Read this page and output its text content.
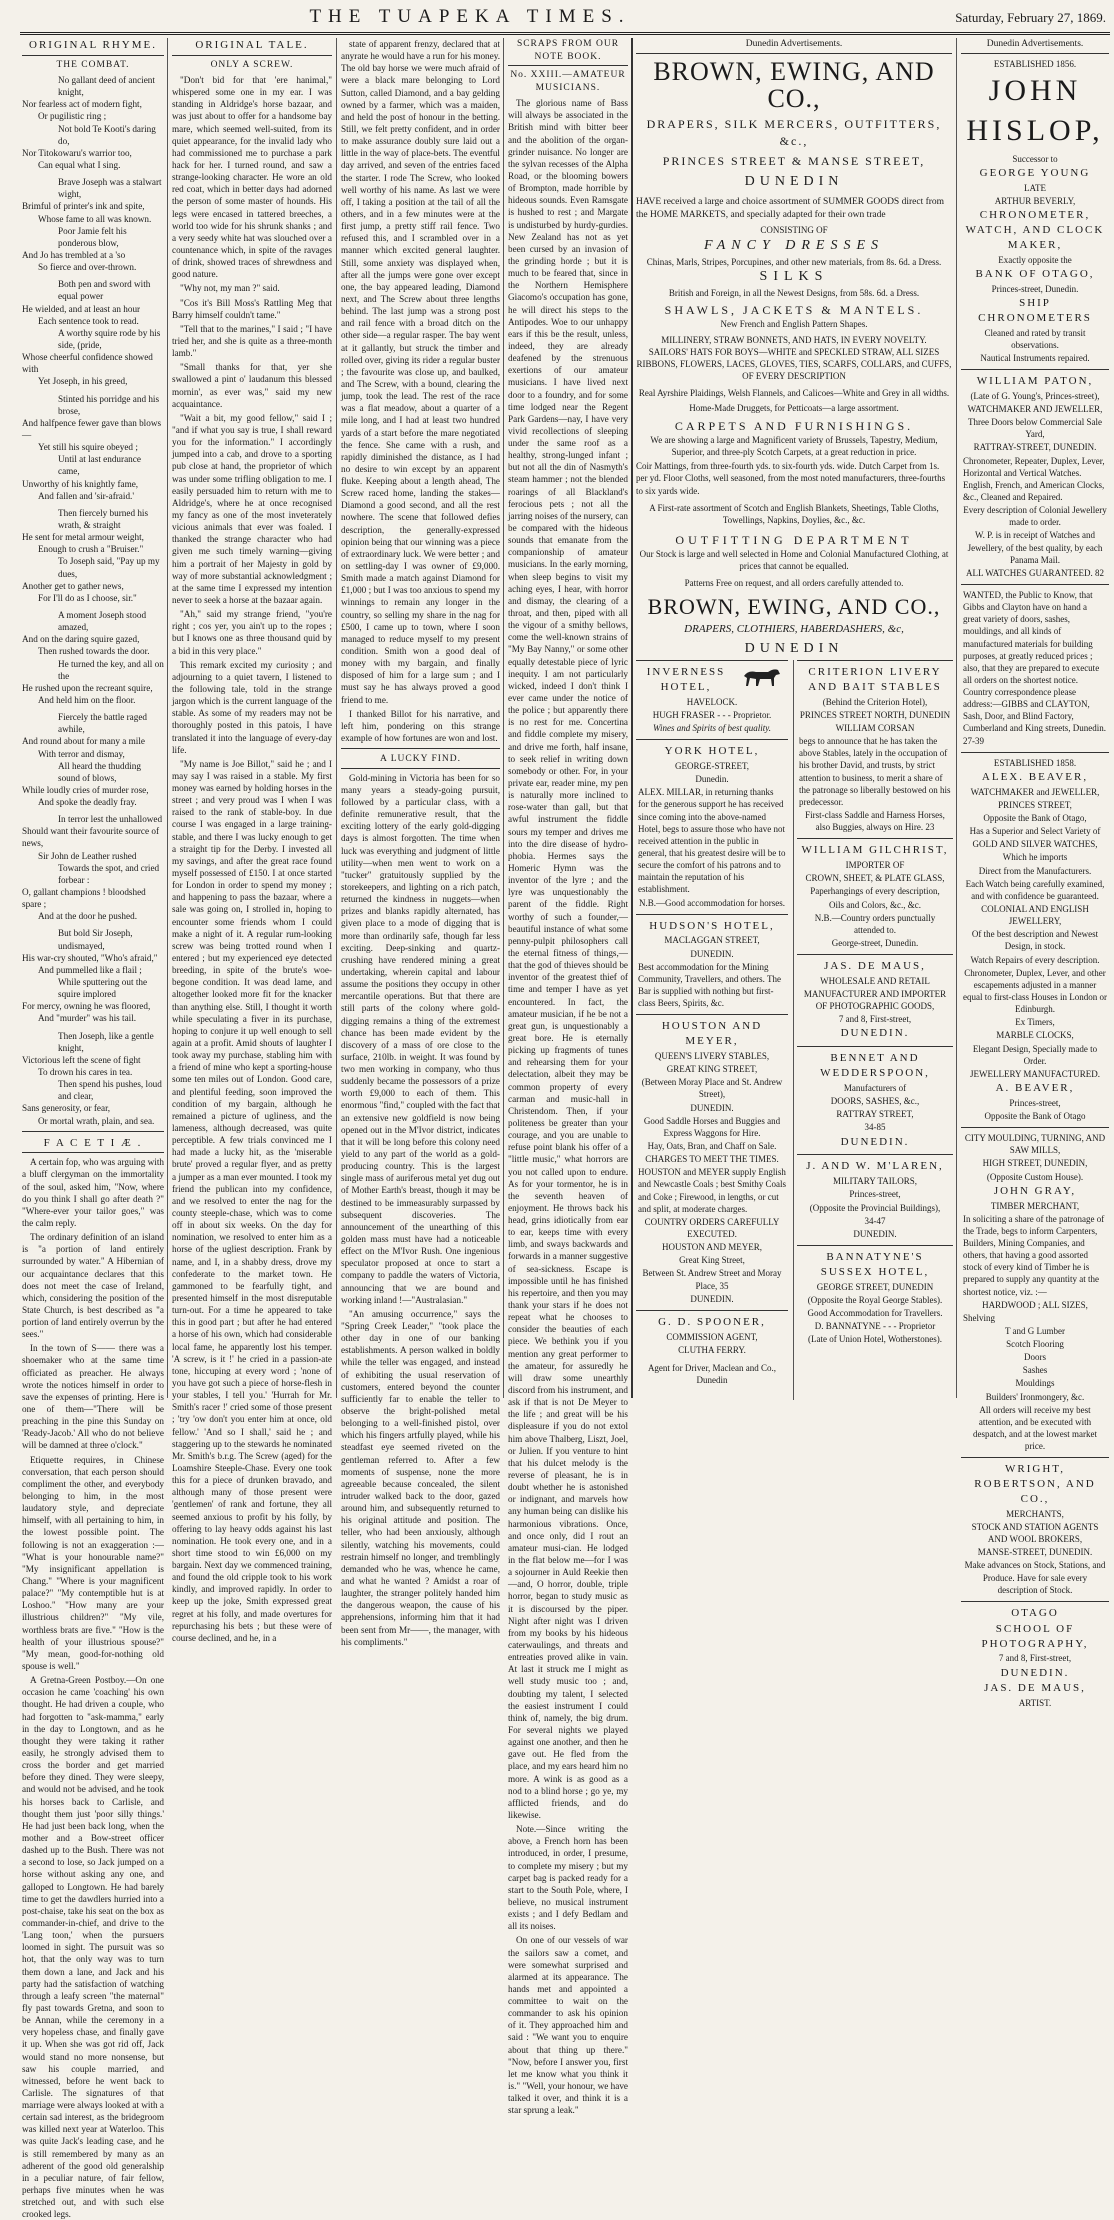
THE TUAPEKA TIMES.	Saturday, February 27, 1869.
ORIGINAL RHYME.
THE COMBAT.

No gallant deed of ancient knight,

Nor fearless act of modern fight,

Or pugilistic ring ;

Not bold Te Kooti's daring do,

Nor Titokowaru's warrior too,

Can equal what I sing.

Brave Joseph was a stalwart wight,

Brimful of printer's ink and spite,

Whose fame to all was known.

Poor Jamie felt his ponderous blow,

And Jo has trembled at a 'so

So fierce and over-thrown.

Both pen and sword with equal power

He wielded, and at least an hour

Each sentence took to read.

A worthy squire rode by his side, (pride,

Whose cheerful confidence showed with

Yet Joseph, in his greed,

Stinted his porridge and his brose,

And halfpence fewer gave than blows—

Yet still his squire obeyed ;

Until at last endurance came,

Unworthy of his knightly fame,

And fallen and 'sir-afraid.'

Then fiercely burned his wrath, & straight

He sent for metal armour weight,

Enough to crush a "Bruiser."

To Joseph said, "Pay up my dues,

Another get to gather news,

For I'll do as I choose, sir."

A moment Joseph stood amazed,

And on the daring squire gazed,

Then rushed towards the door.

He turned the key, and all on the

He rushed upon the recreant squire,

And held him on the floor.

Fiercely the battle raged awhile,

And round about for many a mile

With terror and dismay,

All heard the thudding sound of blows,

While loudly cries of murder rose,

And spoke the deadly fray.

In terror lest the unhallowed

Should want their favourite source of news,

Sir John de Leather rushed

Towards the spot, and cried forbear :

O, gallant champions ! bloodshed spare ;

And at the door he pushed.

But bold Sir Joseph, undismayed,

His war-cry shouted, "Who's afraid,"

And pummelled like a flail ;

While sputtering out the squire implored

For mercy, owning he was floored,

And "murder" was his tail.

Then Joseph, like a gentle knight,

Victorious left the scene of fight

To drown his cares in tea.

Then spend his pushes, loud and clear,

Sans generosity, or fear,

Or mortal wrath, plain, and sea.

F A C E T I Æ .

A certain fop, who was arguing with a bluff clergyman on the immortality of the soul, asked him, "Now, where do you think I shall go after death ?" "Where-ever your tailor goes," was the calm reply.

The ordinary definition of an island is "a portion of land entirely surrounded by water." A Hibernian of our acquaintance declares that this does not meet the case of Ireland, which, considering the position of the State Church, is best described as "a portion of land entirely overrun by the sees."

In the town of S—— there was a shoemaker who at the same time officiated as preacher. He always wrote the notices himself in order to save the expenses of printing. Here is one of them—"There will be preaching in the pine this Sunday on 'Ready-Jacob.' All who do not believe will be damned at three o'clock."

Etiquette requires, in Chinese conversation, that each person should compliment the other, and everybody belonging to him, in the most laudatory style, and depreciate himself, with all pertaining to him, in the lowest possible point. The following is not an exaggeration :— "What is your honourable name?" "My insignificant appellation is Chang." "Where is your magnificent palace?" "My contemptible hut is at Loshoo." "How many are your illustrious children?" "My vile, worthless brats are five." "How is the health of your illustrious spouse?" "My mean, good-for-nothing old spouse is well."

A Gretna-Green Postboy.—On one occasion he came 'coaching' his own thought. He had driven a couple, who had forgotten to "ask-mamma," early in the day to Longtown, and as he thought they were taking it rather easily, he strongly advised them to cross the border and get married before they dined. They were sleepy, and would not be advised, and he took his horses back to Carlisle, and thought them just 'poor silly things.' He had just been back long, when the mother and a Bow-street officer dashed up to the Bush. There was not a second to lose, so Jack jumped on a horse without asking any one, and galloped to Longtown. He had barely time to get the dawdlers hurried into a post-chaise, take his seat on the box as commander-in-chief, and drive to the 'Lang toon,' when the pursuers loomed in sight. The pursuit was so hot, that the only way was to turn them down a lane, and Jack and his party had the satisfaction of watching through a leafy screen "the maternal" fly past towards Gretna, and soon to be Annan, while the ceremony in a very hopeless chase, and finally gave it up. When she was got rid off, Jack would stand no more nonsense, but saw his couple married, and witnessed, before he went back to Carlisle. The signatures of that marriage were always looked at with a certain sad interest, as the bridegroom was killed next year at Waterloo. This was quite Jack's leading case, and he is still remembered by many as an adherent of the good old generalship in a peculiar nature, of fair fellow, perhaps five minutes when he was stretched out, and with such else crooked legs.

ORIGINAL TALE.
ONLY A SCREW.

"Don't bid for that 'ere hanimal," whispered some one in my ear. I was standing in Aldridge's horse bazaar, and was just about to offer for a handsome bay mare, which seemed well-suited, from its quiet appearance, for the invalid lady who had commissioned me to purchase a park hack for her. I turned round, and saw a strange-looking character. He wore an old red coat, which in better days had adorned the person of some master of hounds. His legs were encased in tattered breeches, a world too wide for his shrunk shanks ; and a very seedy white hat was slouched over a countenance which, in spite of the ravages of drink, showed traces of shrewdness and good nature.

"Why not, my man ?" said.

"Cos it's Bill Moss's Rattling Meg that Barry himself couldn't tame."

"Tell that to the marines," I said ; "I have tried her, and she is quite as a three-month lamb."

"Small thanks for that, yer she swallowed a pint o' laudanum this blessed mornin', as ever was," said my new acquaintance.

"Wait a bit, my good fellow," said I ; "and if what you say is true, I shall reward you for the information." I accordingly jumped into a cab, and drove to a sporting pub close at hand, the proprietor of which was under some trifling obligation to me. I easily persuaded him to return with me to Aldridge's, where he at once recognised my fancy as one of the most inveterately vicious animals that ever was foaled. I thanked the strange character who had given me such timely warning—giving him a portrait of her Majesty in gold by way of more substantial acknowledgment ; at the same time I expressed my intention never to seek a horse at the bazaar again.

"Ah," said my strange friend, "you're right ; cos yer, you ain't up to the ropes ; but I knows one as three thousand quid by a bid in this very place."

This remark excited my curiosity ; and adjourning to a quiet tavern, I listened to the following tale, told in the strange jargon which is the current language of the stable. As some of my readers may not be thoroughly posted in this patois, I have translated it into the language of every-day life.

"My name is Joe Billot," said he ; and I may say I was raised in a stable. My first money was earned by holding horses in the street ; and very proud was I when I was raised to the rank of stable-boy. In due course I was engaged in a large training-stable, and there I was lucky enough to get a straight tip for the Derby. I invested all my savings, and after the great race found myself possessed of £150. I at once started for London in order to spend my money ; and happening to pass the bazaar, where a sale was going on, I strolled in, hoping to encounter some friends whom I could make a night of it. A regular rum-looking screw was being trotted round when I entered ; but my experienced eye detected breeding, in spite of the brute's woe-begone condition. It was dead lame, and altogether looked more fit for the knacker than anything else. Still, I thought it worth while speculating a fiver in its purchase, hoping to conjure it up well enough to sell again at a profit. Amid shouts of laughter I took away my purchase, stabling him with a friend of mine who kept a sporting-house some ten miles out of London. Good care, and plentiful feeding, soon improved the condition of my bargain, although he remained a picture of ugliness, and the lameness, although decreased, was quite perceptible. A few trials convinced me I had made a lucky hit, as the 'miserable brute' proved a regular flyer, and as pretty a jumper as a man ever mounted. I took my friend the publican into my confidence, and we resolved to enter the nag for the county steeple-chase, which was to come off in about six weeks. On the day for nomination, we resolved to enter him as a horse of the ugliest description. Frank by name, and I, in a shabby dress, drove my confederate to the market town. He gammoned to be fearfully tight, and presented himself in the most disreputable turn-out. For a time he appeared to take this in good part ; but after he had entered a horse of his own, which had considerable local fame, he apparently lost his temper. 'A screw, is it !' he cried in a passion-ate tone, hiccuping at every word ; 'none of you have got such a piece of horse-flesh in your stables, I tell you.' 'Hurrah for Mr. Smith's racer !' cried some of those present ; 'try 'ow don't you enter him at once, old fellow.' 'And so I shall,' said he ; and staggering up to the stewards he nominated Mr. Smith's b.r.g. The Screw (aged) for the Loamshire Steeple-Chase. Every one took this for a piece of drunken bravado, and although many of those present were 'gentlemen' of rank and fortune, they all seemed anxious to profit by his folly, by offering to lay heavy odds against his last nomination. He took every one, and in a short time stood to win £6,000 on my bargain. Next day we commenced training, and found the old cripple took to his work kindly, and improved rapidly. In order to keep up the joke, Smith expressed great regret at his folly, and made overtures for repurchasing his bets ; but these were of course declined, and he, in a

state of apparent frenzy, declared that at anyrate he would have a run for his money. The old bay horse we were much afraid of were a black mare belonging to Lord Sutton, called Diamond, and a bay gelding owned by a farmer, which was a maiden, and held the post of honour in the betting. Still, we felt pretty confident, and in order to make assurance doubly sure laid out a little in the way of place-bets. The eventful day arrived, and seven of the entries faced the starter. I rode The Screw, who looked well worthy of his name. As last we were off, I taking a position at the tail of all the others, and in a few minutes were at the first jump, a pretty stiff rail fence. Two refused this, and I scrambled over in a manner which excited general laughter. Still, some anxiety was displayed when, after all the jumps were gone over except one, the bay appeared leading, Diamond next, and The Screw about three lengths behind. The last jump was a strong post and rail fence with a broad ditch on the other side—a regular rasper. The bay went at it gallantly, but struck the timber and rolled over, giving its rider a regular buster ; the favourite was close up, and baulked, and The Screw, with a bound, clearing the jump, took the lead. The rest of the race was a flat meadow, about a quarter of a mile long, and I had at least two hundred yards of a start before the mare negotiated the fence. She came with a rush, and rapidly diminished the distance, as I had no desire to win except by an apparent fluke. Keeping about a length ahead, The Screw raced home, landing the stakes—Diamond a good second, and all the rest nowhere. The scene that followed defies description, the generally-expressed opinion being that our winning was a piece of extraordinary luck. We were better ; and on settling-day I was owner of £9,000. Smith made a match against Diamond for £1,000 ; but I was too anxious to spend my winnings to remain any longer in the country, so selling my share in the nag for £500, I came up to town, where I soon managed to reduce myself to my present condition. Smith won a good deal of money with my bargain, and finally disposed of him for a large sum ; and I must say he has always proved a good friend to me.

I thanked Billot for his narrative, and left him, pondering on this strange example of how fortunes are won and lost.

A LUCKY FIND.

Gold-mining in Victoria has been for so many years a steady-going pursuit, followed by a particular class, with a definite remunerative result, that the exciting lottery of the early gold-digging days is almost forgotten. The time when luck was everything and judgment of little utility—when men went to work on a "tucker" gratuitously supplied by the storekeepers, and lighting on a rich patch, returned the kindness in nuggets—when prizes and blanks rapidly alternated, has given place to a mode of digging that is more than ordinarily safe, though far less exciting. Deep-sinking and quartz-crushing have rendered mining a great undertaking, wherein capital and labour assume the positions they occupy in other mercantile operations. But that there are still parts of the colony where gold-digging remains a thing of the extremest chance has been made evident by the discovery of a mass of ore close to the surface, 210lb. in weight. It was found by two men working in company, who thus suddenly became the possessors of a prize worth £9,000 to each of them. This enormous "find," coupled with the fact that an extensive new goldfield is now being opened out in the M'Ivor district, indicates that it will be long before this colony need yield to any part of the world as a gold-producing country. This is the largest single mass of auriferous metal yet dug out of Mother Earth's breast, though it may be destined to be immeasurably surpassed by subsequent discoveries. The announcement of the unearthing of this golden mass must have had a noticeable effect on the M'Ivor Rush. One ingenious speculator proposed at once to start a company to paddle the waters of Victoria, announcing that we are bound and working inland !—"Australasian."

"An amusing occurrence," says the "Spring Creek Leader," "took place the other day in one of our banking establishments. A person walked in boldly while the teller was engaged, and instead of exhibiting the usual reservation of customers, entered beyond the counter sufficiently far to enable the teller to observe the bright-polished metal belonging to a well-finished pistol, over which his fingers artfully played, while his steadfast eye seemed riveted on the gentleman referred to. After a few moments of suspense, none the more agreeable because concealed, the silent intruder walked back to the door, gazed around him, and subsequently returned to his original attitude and position. The teller, who had been anxiously, although silently, watching his movements, could restrain himself no longer, and tremblingly demanded who he was, whence he came, and what he wanted ? Amidst a roar of laughter, the stranger politely handed him the dangerous weapon, the cause of his apprehensions, informing him that it had been sent from Mr——, the manager, with his compliments."

SCRAPS FROM OUR NOTE BOOK.
No. XXIII.—AMATEUR MUSICIANS.

The glorious name of Bass will always be associated in the British mind with bitter beer and the abolition of the organ-grinder nuisance. No longer are the sylvan recesses of the Alpha Road, or the blooming bowers of Brompton, made horrible by hideous sounds. Even Ramsgate is hushed to rest ; and Margate is undisturbed by hurdy-gurdies. New Zealand has not as yet been cursed by an invasion of the grinding horde ; but it is much to be feared that, since in the Northern Hemisphere Giacomo's occupation has gone, he will direct his steps to the Antipodes. Woe to our unhappy ears if this be the result, unless, indeed, they are already deafened by the strenuous exertions of our amateur musicians. I have lived next door to a foundry, and for some time lodged near the Regent Park Gardens—nay, I have very vivid recollections of sleeping under the same roof as a healthy, strong-lunged infant ; but not all the din of Nasmyth's steam hammer ; not the blended roarings of all Blackland's ferocious pets ; not all the jarring noises of the nursery, can be compared with the hideous sounds that emanate from the companionship of amateur musicians. In the early morning, when sleep begins to visit my aching eyes, I hear, with horror and dismay, the clearing of a throat, and then, piped with all the vigour of a smithy bellows, come the well-known strains of "My Bay Nanny," or some other equally detestable piece of lyric inequity. I am not particularly wicked, indeed I don't think I ever came under the notice of the police ; but apparently there is no rest for me. Concertina and fiddle complete my misery, and drive me forth, half insane, to seek relief in writing down somebody or other. For, in your private ear, reader mine, my pen is naturally more inclined to rose-water than gall, but that awful instrument the fiddle sours my temper and drives me into the dire disease of hydro-phobia. Hermes says the Homeric Hymn was the inventor of the lyre ; and the lyre was unquestionably the parent of the fiddle. Right worthy of such a founder,—beautiful instance of what some penny-pulpit philosophers call the eternal fitness of things,—that the god of thieves should be inventor of the greatest thief of time and temper I have as yet encountered. In fact, the amateur musician, if he be not a great gun, is unquestionably a great bore. He is eternally picking up fragments of tunes and rehearsing them for your delectation, albeit they may be common property of every carman and music-hall in Christendom. Then, if your politeness be greater than your courage, and you are unable to refuse point blank his offer of a "little music," what horrors are you not called upon to endure. As for your tormentor, he is in the seventh heaven of enjoyment. He throws back his head, grins idiotically from ear to ear, keeps time with every limb, and sways backwards and forwards in a manner suggestive of sea-sickness. Escape is impossible until he has finished his repertoire, and then you may thank your stars if he does not repeat what he chooses to consider the beauties of each piece. We bethink you if you mention any great performer to the amateur, for assuredly he will draw some unearthly discord from his instrument, and ask if that is not De Meyer to the life ; and great will be his displeasure if you do not extol him above Thalberg, Liszt, Joel, or Julien. If you venture to hint that his dulcet melody is the reverse of pleasant, he is in doubt whether he is astonished or indignant, and marvels how any human being can dislike his harmonious vibrations. Once, and once only, did I rout an amateur musi-cian. He lodged in the flat below me—for I was a sojourner in Auld Reekie then—and, O horror, double, triple horror, began to study music as it is discoursed by the piper. Night after night was I driven from my books by his hideous caterwaulings, and threats and entreaties proved alike in vain. At last it struck me I might as well study music too ; and, doubting my talent, I selected the easiest instrument I could think of, namely, the big drum. For several nights we played against one another, and then he gave out. He fled from the place, and my ears heard him no more. A wink is as good as a nod to a blind horse ; go ye, my afflicted friends, and do likewise.

Note.—Since writing the above, a French horn has been introduced, in order, I presume, to complete my misery ; but my carpet bag is packed ready for a start to the South Pole, where, I believe, no musical instrument exists ; and I defy Bedlam and all its noises.

On one of our vessels of war the sailors saw a comet, and were somewhat surprised and alarmed at its appearance. The hands met and appointed a committee to wait on the commander to ask his opinion of it. They approached him and said : "We want you to enquire about that thing up there." "Now, before I answer you, first let me know what you think it is." "Well, your honour, we have talked it over, and think it is a star sprung a leak."

Dunedin Advertisements.
BROWN, EWING, AND CO.,
DRAPERS, SILK MERCERS, OUTFITTERS, &c.,
PRINCES STREET & MANSE STREET,
DUNEDIN
HAVE received a large and choice assortment of SUMMER GOODS direct from the HOME MARKETS, and specially adapted for their own trade
CONSISTING OF
FANCY DRESSES
Chinas, Marls, Stripes, Porcupines, and other new materials, from 8s. 6d. a Dress.
SILKS
British and Foreign, in all the Newest Designs, from 58s. 6d. a Dress.
SHAWLS, JACKETS & MANTELS.
New French and English Pattern Shapes.
MILLINERY, STRAW BONNETS, AND HATS, IN EVERY NOVELTY.
SAILORS' HATS FOR BOYS—WHITE and SPECKLED STRAW, ALL SIZES
RIBBONS, FLOWERS, LACES, GLOVES, TIES, SCARFS, COLLARS, and CUFFS, OF EVERY DESCRIPTION
Real Ayrshire Plaidings, Welsh Flannels, and Calicoes—White and Grey in all widths.
Home-Made Druggets, for Petticoats—a large assortment.
CARPETS AND FURNISHINGS.
We are showing a large and Magnificent variety of Brussels, Tapestry, Medium, Superior, and three-ply Scotch Carpets, at a great reduction in price.
Coir Mattings, from three-fourth yds. to six-fourth yds. wide. Dutch Carpet from 1s. per yd. Floor Cloths, well seasoned, from the most noted manufacturers, three-fourths to six yards wide.
A First-rate assortment of Scotch and English Blankets, Sheetings, Table Cloths, Towellings, Napkins, Doylies, &c., &c.
OUTFITTING DEPARTMENT
Our Stock is large and well selected in Home and Colonial Manufactured Clothing, at prices that cannot be equalled.
Patterns Free on request, and all orders carefully attended to.
BROWN, EWING, AND CO.,
DRAPERS, CLOTHIERS, HABERDASHERS, &c,
DUNEDIN

INVERNESS HOTEL,

HAVELOCK.

HUGH FRASER - - - Proprietor.

Wines and Spirits of best quality.

YORK HOTEL,

GEORGE-STREET,

Dunedin.

ALEX. MILLAR, in returning thanks for the generous support he has received since coming into the above-named Hotel, begs to assure those who have not received attention in the public in general, that his greatest desire will be to secure the comfort of his patrons and to maintain the reputation of his establishment.

N.B.—Good accommodation for horses.

HUDSON'S HOTEL,

MACLAGGAN STREET,

DUNEDIN.

Best accommodation for the Mining Community, Travellers, and others. The Bar is supplied with nothing but first-class Beers, Spirits, &c.

HOUSTON AND MEYER,

QUEEN'S LIVERY STABLES,

GREAT KING STREET,

(Between Moray Place and St. Andrew Street),

DUNEDIN.

Good Saddle Horses and Buggies and Express Waggons for Hire.

Hay, Oats, Bran, and Chaff on Sale.

CHARGES TO MEET THE TIMES.

HOUSTON and MEYER supply English and Newcastle Coals ; best Smithy Coals and Coke ; Firewood, in lengths, or cut and split, at moderate charges.

COUNTRY ORDERS CAREFULLY EXECUTED.

HOUSTON AND MEYER,

Great King Street,

Between St. Andrew Street and Moray Place, 35

DUNEDIN.

G. D. SPOONER,

COMMISSION AGENT,

CLUTHA FERRY.

Agent for Driver, Maclean and Co., Dunedin

CRITERION LIVERY AND BAIT STABLES

(Behind the Criterion Hotel),

PRINCES STREET NORTH, DUNEDIN

WILLIAM CORSAN

begs to announce that he has taken the above Stables, lately in the occupation of his brother David, and trusts, by strict attention to business, to merit a share of the patronage so liberally bestowed on his predecessor.

First-class Saddle and Harness Horses, also Buggies, always on Hire. 23

WILLIAM GILCHRIST,

IMPORTER OF

CROWN, SHEET, & PLATE GLASS,

Paperhangings of every description,

Oils and Colors, &c., &c.

N.B.—Country orders punctually attended to.

George-street, Dunedin.

JAS. DE MAUS,

WHOLESALE AND RETAIL

MANUFACTURER AND IMPORTER OF PHOTOGRAPHIC GOODS,

7 and 8, First-street,

DUNEDIN.

BENNET AND WEDDERSPOON,

Manufacturers of

DOORS, SASHES, &c.,

RATTRAY STREET,

34-85

DUNEDIN.

J. AND W. M'LAREN,

MILITARY TAILORS,

Princes-street,

(Opposite the Provincial Buildings),

34-47

DUNEDIN.

BANNATYNE'S SUSSEX HOTEL,

GEORGE STREET, DUNEDIN

(Opposite the Royal George Stables).

Good Accommodation for Travellers.

D. BANNATYNE - - - Proprietor

(Late of Union Hotel, Wotherstones).

Dunedin Advertisements.

ESTABLISHED 1856.

JOHN HISLOP,

Successor to

GEORGE YOUNG

LATE

ARTHUR BEVERLY,

CHRONOMETER, WATCH, AND CLOCK MAKER,

Exactly opposite the

BANK OF OTAGO,

Princes-street, Dunedin.

SHIP CHRONOMETERS

Cleaned and rated by transit observations.

Nautical Instruments repaired.

WILLIAM PATON,

(Late of G. Young's, Princes-street),

WATCHMAKER AND JEWELLER,

Three Doors below Commercial Sale Yard,

RATTRAY-STREET, DUNEDIN.

Chronometer, Repeater, Duplex, Lever, Horizontal and Vertical Watches. English, French, and American Clocks, &c., Cleaned and Repaired.

Every description of Colonial Jewellery made to order.

W. P. is in receipt of Watches and Jewellery, of the best quality, by each Panama Mail.

ALL WATCHES GUARANTEED. 82

WANTED, the Public to Know, that Gibbs and Clayton have on hand a great variety of doors, sashes, mouldings, and all kinds of manufactured materials for building purposes, at greatly reduced prices ; also, that they are prepared to execute all orders on the shortest notice. Country correspondence please address:—GIBBS and CLAYTON, Sash, Door, and Blind Factory, Cumberland and King streets, Dunedin. 27-39

ESTABLISHED 1858.

ALEX. BEAVER,

WATCHMAKER and JEWELLER,

PRINCES STREET,

Opposite the Bank of Otago,

Has a Superior and Select Variety of

GOLD AND SILVER WATCHES,

Which he imports

Direct from the Manufacturers.

Each Watch being carefully examined, and with confidence be guaranteed.

COLONIAL AND ENGLISH JEWELLERY,

Of the best description and Newest Design, in stock.

Watch Repairs of every description.

Chronometer, Duplex, Lever, and other escapements adjusted in a manner equal to first-class Houses in London or Edinburgh.

Ex Timers,

MARBLE CLOCKS,

Elegant Design, Specially made to Order.

JEWELLERY MANUFACTURED.

A. BEAVER,

Princes-street,

Opposite the Bank of Otago

CITY MOULDING, TURNING, AND SAW MILLS,

HIGH STREET, DUNEDIN,

(Opposite Custom House).

JOHN GRAY,

TIMBER MERCHANT,

In soliciting a share of the patronage of the Trade, begs to inform Carpenters, Builders, Mining Companies, and others, that having a good assorted stock of every kind of Timber he is prepared to supply any quantity at the shortest notice, viz. :—

HARDWOOD ; ALL SIZES,

Shelving

T and G Lumber

Scotch Flooring

Doors

Sashes

Mouldings

Builders' Ironmongery, &c.

All orders will receive my best attention, and be executed with despatch, and at the lowest market price.

WRIGHT, ROBERTSON, AND CO.,

MERCHANTS,

STOCK AND STATION AGENTS AND WOOL BROKERS,

MANSE-STREET, DUNEDIN.

Make advances on Stock, Stations, and Produce. Have for sale every description of Stock.

OTAGO

SCHOOL OF PHOTOGRAPHY,

7 and 8, First-street,

DUNEDIN.

JAS. DE MAUS,

ARTIST.
